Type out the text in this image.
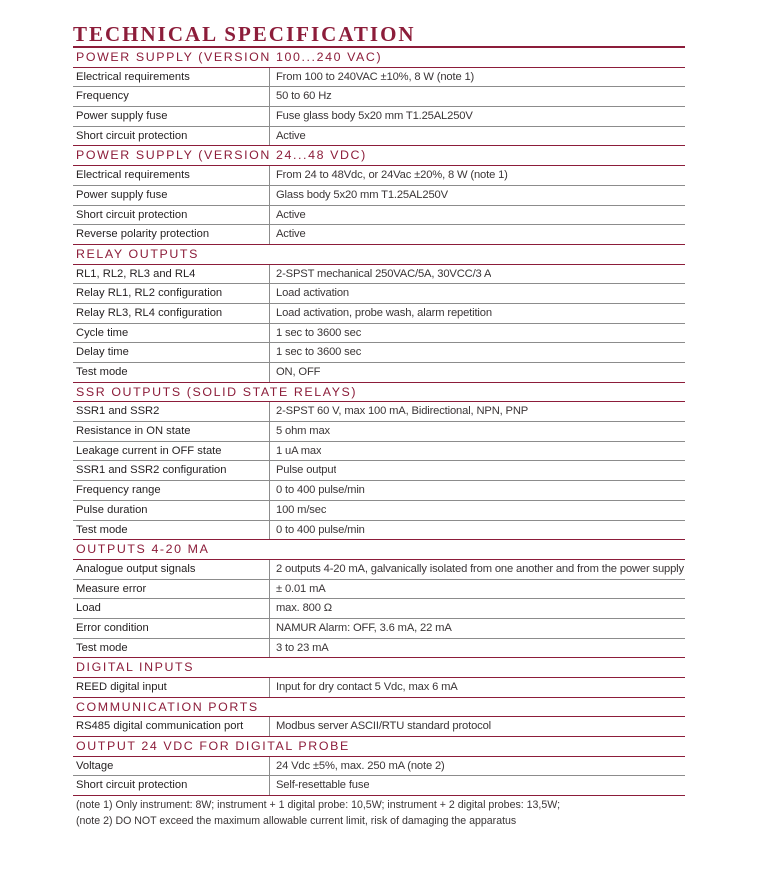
TECHNICAL SPECIFICATION
POWER SUPPLY (VERSION 100...240 VAC)
Electrical requirements	From 100 to 240VAC ±10%, 8 W (note 1)
Frequency	50 to 60 Hz
Power supply fuse	Fuse glass body 5x20 mm T1.25AL250V
Short circuit protection	Active
POWER SUPPLY (VERSION 24...48 VDC)
Electrical requirements	From 24 to 48Vdc, or 24Vac ±20%, 8 W (note 1)
Power supply fuse	Glass body 5x20 mm T1.25AL250V
Short circuit protection	Active
Reverse polarity protection	Active
RELAY OUTPUTS
RL1, RL2, RL3 and RL4	2-SPST mechanical 250VAC/5A, 30VCC/3 A
Relay RL1, RL2 configuration	Load activation
Relay RL3, RL4 configuration	Load activation, probe wash, alarm repetition
Cycle time	1 sec to 3600 sec
Delay time	1 sec to 3600 sec
Test mode	ON, OFF
SSR OUTPUTS (SOLID STATE RELAYS)
SSR1 and SSR2	2-SPST 60 V, max 100 mA, Bidirectional, NPN, PNP
Resistance in ON state	5 ohm max
Leakage current in OFF state	1 uA max
SSR1 and SSR2 configuration	Pulse output
Frequency range	0 to 400 pulse/min
Pulse duration	100 m/sec
Test mode	0 to 400 pulse/min
OUTPUTS 4-20 MA
Analogue output signals	2 outputs 4-20 mA, galvanically isolated from one another and from the power supply
Measure error	± 0.01 mA
Load	max. 800 Ω
Error condition	NAMUR Alarm: OFF, 3.6 mA, 22 mA
Test mode	3 to 23 mA
DIGITAL INPUTS
REED digital input	Input for dry contact 5 Vdc, max 6 mA
COMMUNICATION PORTS
RS485 digital communication port	Modbus server ASCII/RTU standard protocol
OUTPUT 24 VDC FOR DIGITAL PROBE
Voltage	24 Vdc ±5%, max. 250 mA (note 2)
Short circuit protection	Self-resettable fuse
(note 1) Only instrument: 8W; instrument + 1 digital probe: 10,5W; instrument + 2 digital probes: 13,5W;
(note 2) DO NOT exceed the maximum allowable current limit, risk of damaging the apparatus
